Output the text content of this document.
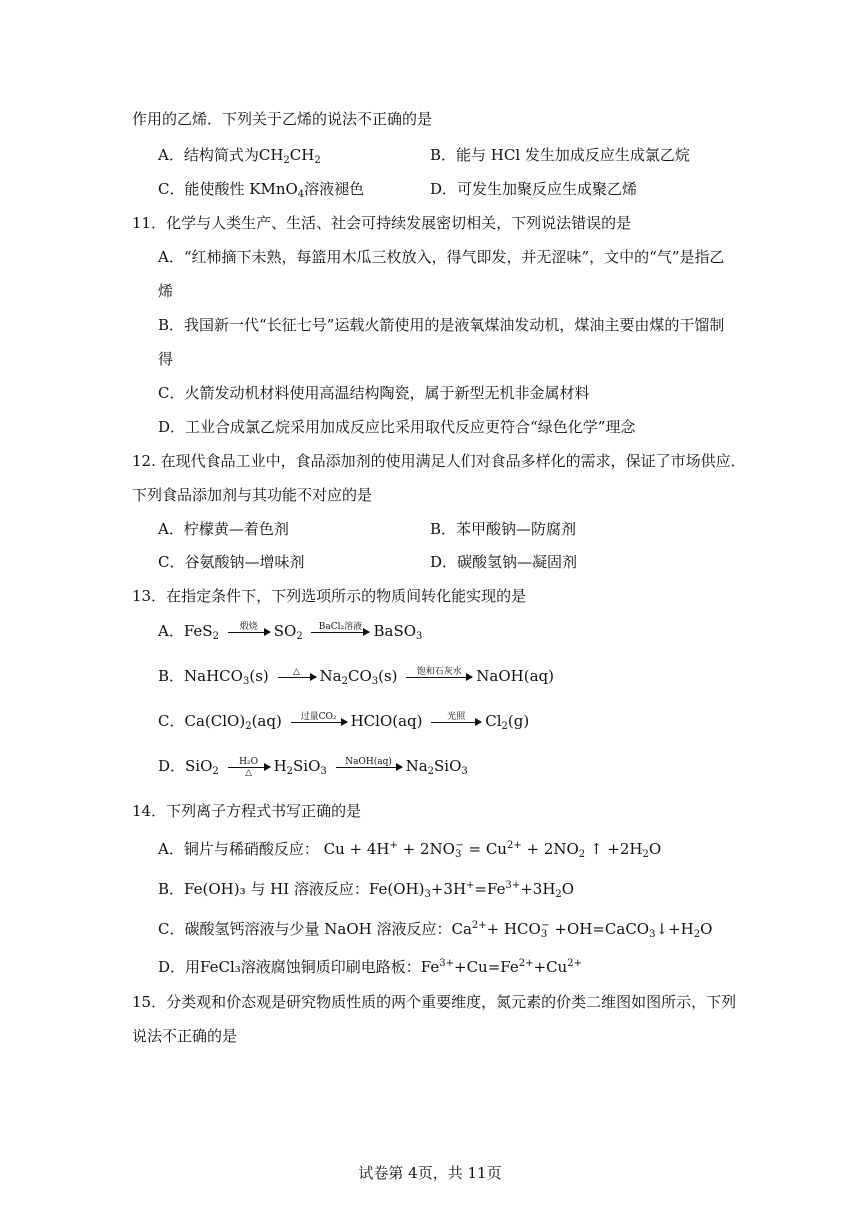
作用的乙烯．下列关于乙烯的说法不正确的是
A．结构简式为$CH_2CH_2$	B．能与 HCl 发生加成反应生成氯乙烷
C．能使酸性 KMnO$_4$溶液褪色	D．可发生加聚反应生成聚乙烯
11．化学与人类生产、生活、社会可持续发展密切相关，下列说法错误的是
A．“红柿摘下未熟，每篮用木瓜三枚放入，得气即发，并无涩味”，文中的“气”是指乙
烯
B．我国新一代“长征七号”运载火箭使用的是液氧煤油发动机，煤油主要由煤的干馏制
得
C．火箭发动机材料使用高温结构陶瓷，属于新型无机非金属材料
D．工业合成氯乙烷采用加成反应比采用取代反应更符合“绿色化学”理念
12. 在现代食品工业中，食品添加剂的使用满足人们对食品多样化的需求，保证了市场供应．
下列食品添加剂与其功能不对应的是
A．柠檬黄—着色剂	B．苯甲酸钠—防腐剂
C．谷氨酸钠—增味剂	D．碳酸氢钠—凝固剂
13．在指定条件下，下列选项所示的物质间转化能实现的是
A．FeS$_2$
煅烧	$SO_2$
BaCl₂溶液 BaSO$_3$
B．NaHCO$_3$(s)	△	$Na_2CO_3(s)$	饱和石灰水 NaOH(aq)
C．$Ca(ClO)_2(aq)$	过量CO₂ HClO(aq)	光照	$Cl_2(g)$
D．SiO$_2$
H₂O
△	$H_2SiO_3$
NaOH(aq) $Na_2SiO_3$
14．下列离子方程式书写正确的是
A．铜片与稀硝酸反应： $Cu + 4H^+ + 2NO_3^- = Cu^{2+} + 2NO_2$ ↑ $+2H_2O$
B．Fe(OH)₃ 与 HI 溶液反应：$Fe(OH)_3+3H^+=Fe^{3+}+3H_2O$
C．碳酸氢钙溶液与少量 NaOH 溶液反应：$Ca^{2+}+ HCO_3^-$ $+OH=CaCO_3↓+H_2O$
D．用FeCl₃溶液腐蚀铜质印刷电路板：$Fe^{3+}+Cu=Fe^{2+}+Cu^{2+}$
15．分类观和价态观是研究物质性质的两个重要维度，氮元素的价类二维图如图所示，下列
说法不正确的是
试卷第 4页，共 11页
